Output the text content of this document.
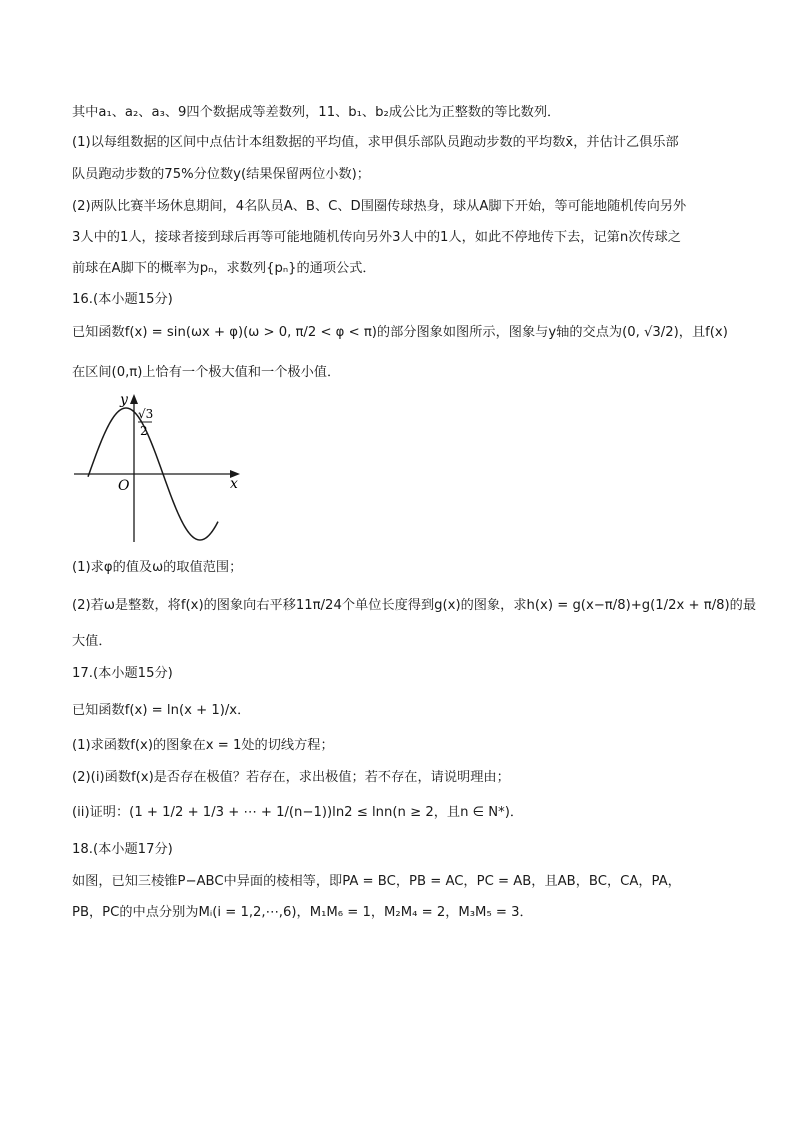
其中a₁、a₂、a₃、9四个数据成等差数列，11、b₁、b₂成公比为正整数的等比数列．
(1)以每组数据的区间中点估计本组数据的平均值，求甲俱乐部队员跑动步数的平均数x̄，并估计乙俱乐部
队员跑动步数的75%分位数y(结果保留两位小数)；
(2)两队比赛半场休息期间，4名队员A、B、C、D围圈传球热身，球从A脚下开始，等可能地随机传向另外
3人中的1人，接球者接到球后再等可能地随机传向另外3人中的1人，如此不停地传下去，记第n次传球之
前球在A脚下的概率为pₙ，求数列{pₙ}的通项公式．
16.(本小题15分)
已知函数f(x) = sin(ωx + φ)(ω > 0, π/2 < φ < π)的部分图象如图所示，图象与y轴的交点为(0, √3/2)，且f(x)
在区间(0,π)上恰有一个极大值和一个极小值．
y
x
O
√3
2
(1)求φ的值及ω的取值范围；
(2)若ω是整数，将f(x)的图象向右平移11π/24个单位长度得到g(x)的图象，求h(x) = g(x−π/8)+g(1/2x + π/8)的最
大值．
17.(本小题15分)
已知函数f(x) = ln(x + 1)/x．
(1)求函数f(x)的图象在x = 1处的切线方程；
(2)(i)函数f(x)是否存在极值？若存在，求出极值；若不存在，请说明理由；
(ii)证明：(1 + 1/2 + 1/3 + ⋯ + 1/(n−1))ln2 ≤ lnn(n ≥ 2，且n ∈ N*)．
18.(本小题17分)
如图，已知三棱锥P−ABC中异面的棱相等，即PA = BC，PB = AC，PC = AB，且AB，BC，CA，PA，
PB，PC的中点分别为Mᵢ(i = 1,2,⋯,6)，M₁M₆ = 1，M₂M₄ = 2，M₃M₅ = 3．
